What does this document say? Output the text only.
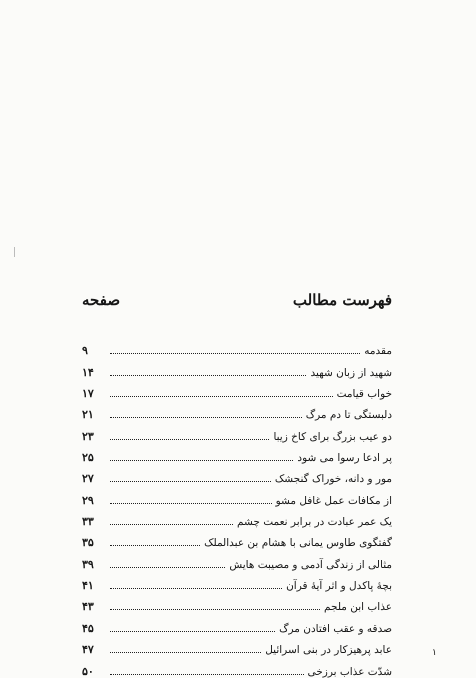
فهرست مطالب
صفحه
مقدمه
۹
شهید از زبان شهید
۱۴
خواب قیامت
۱۷
دلبستگی تا دم مرگ
۲۱
دو عیب بزرگ برای کاخ زیبا
۲۳
پر ادعا رسوا می شود
۲۵
مور و دانه، خوراک گنجشک
۲۷
از مکافات عمل غافل مشو
۲۹
یک عمر عبادت در برابر نعمت چشم
۳۳
گفتگوی طاوس یمانی با هشام بن عبدالملک
۳۵
مثالی از زندگی آدمی و مصیبت هایش
۳۹
بچهٔ پاکدل و اثر آیهٔ قرآن
۴۱
عذاب ابن ملجم
۴۳
صدقه و عقب افتادن مرگ
۴۵
عابد پرهیزکار در بنی اسرائیل
۴۷
شدّت عذاب برزخی
۵۰
۱
